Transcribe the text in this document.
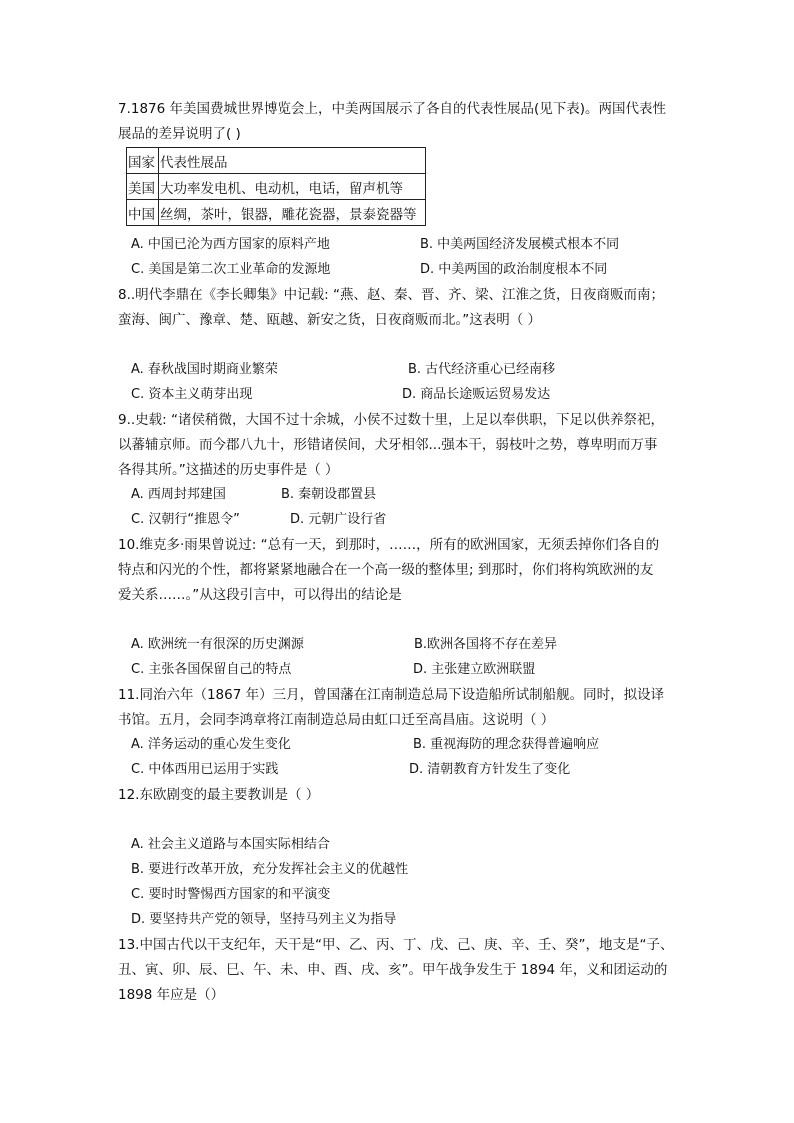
7.1876 年美国费城世界博览会上，中美两国展示了各自的代表性展品(见下表)。两国代表性
展品的差异说明了( )
国家	代表性展品
美国	大功率发电机、电动机，电话，留声机等
中国	丝绸，茶叶，银器，雕花瓷器，景泰瓷器等
A. 中国已沦为西方国家的原料产地	B. 中美两国经济发展模式根本不同
C. 美国是第二次工业革命的发源地	D. 中美两国的政治制度根本不同
8..明代李鼎在《李长卿集》中记载: “燕、赵、秦、晋、齐、梁、江淮之货，日夜商贩而南；
蛮海、闽广、豫章、楚、瓯越、新安之货，日夜商贩而北。”这表明（ ）
A. 春秋战国时期商业繁荣	B. 古代经济重心已经南移
C. 资本主义萌芽出现	D. 商品长途贩运贸易发达
9..史载: “诸侯稍微，大国不过十余城，小侯不过数十里，上足以奉供职，下足以供养祭祀，
以蕃辅京师。而今郡八九十，形错诸侯间，犬牙相邻...强本干，弱枝叶之势，尊卑明而万事
各得其所。”这描述的历史事件是（ ）
A. 西周封邦建国	B. 秦朝设郡置县
C. 汉朝行“推恩令”	D. 元朝广设行省
10.维克多·雨果曾说过: “总有一天，到那时，……，所有的欧洲国家，无须丢掉你们各自的
特点和闪光的个性，都将紧紧地融合在一个高一级的整体里; 到那时，你们将构筑欧洲的友
爱关系……。”从这段引言中，可以得出的结论是
A. 欧洲统一有很深的历史渊源	B.欧洲各国将不存在差异
C. 主张各国保留自己的特点	D. 主张建立欧洲联盟
11.同治六年（1867 年）三月，曾国藩在江南制造总局下设造船所试制船舰。同时，拟设译
书馆。五月，会同李鸿章将江南制造总局由虹口迁至高昌庙。这说明（ ）
A. 洋务运动的重心发生变化	B. 重视海防的理念获得普遍响应
C. 中体西用已运用于实践	D. 清朝教育方针发生了变化
12.东欧剧变的最主要教训是（ ）
A. 社会主义道路与本国实际相结合
B. 要进行改革开放，充分发挥社会主义的优越性
C. 要时时警惕西方国家的和平演变
D. 要坚持共产党的领导，坚持马列主义为指导
13.中国古代以干支纪年，天干是“甲、乙、丙、丁、戊、己、庚、辛、壬、癸”，地支是“子、
丑、寅、卯、辰、巳、午、未、申、酉、戌、亥”。甲午战争发生于 1894 年，义和团运动的
1898 年应是（）
